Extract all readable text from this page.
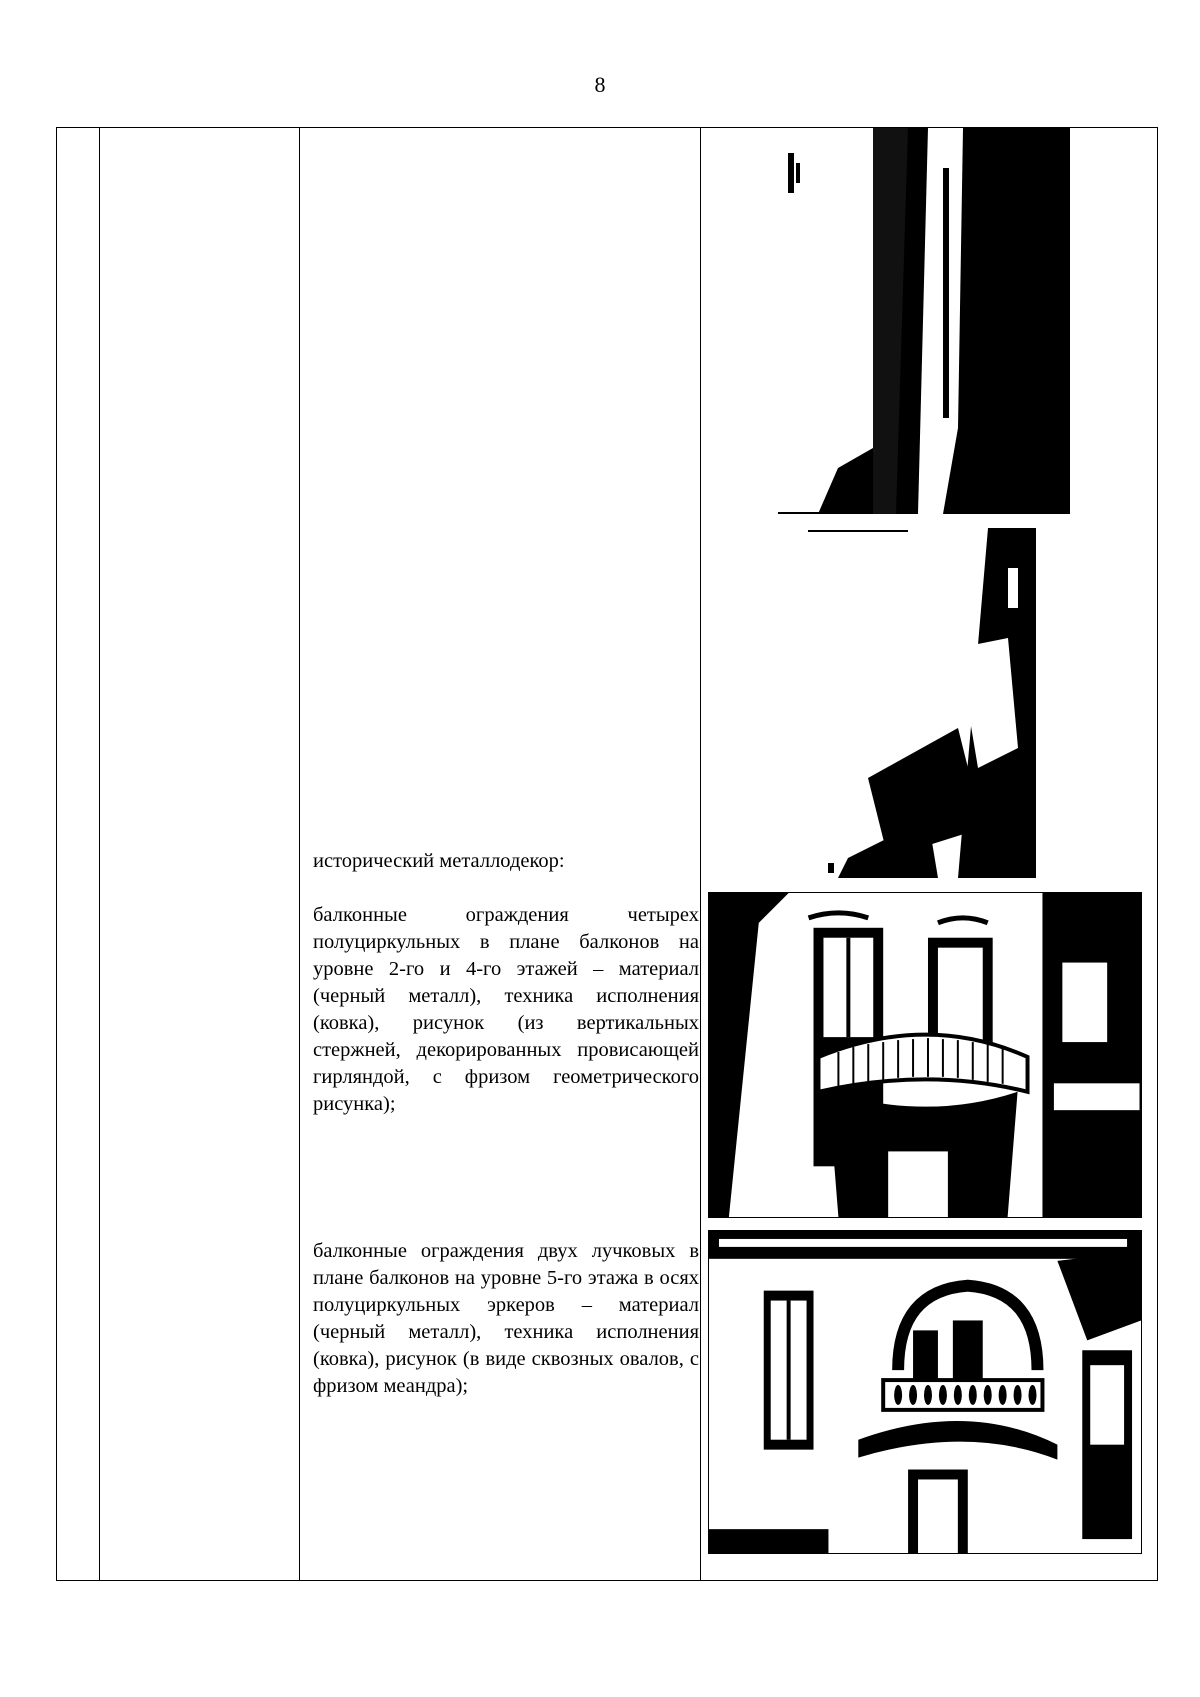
8
исторический металлодекор:
балконные ограждения четырех полуциркульных в плане балконов на уровне 2-го и 4-го этажей – материал (черный металл), техника исполнения (ковка), рисунок (из вертикальных стержней, декорированных провисающей гирляндой, с фризом геометрического рисунка);
балконные ограждения двух лучковых в плане балконов на уровне 5-го этажа в осях полуциркульных эркеров – материал (черный металл), техника исполнения (ковка), рисунок (в виде сквозных овалов, с фризом меандра);
